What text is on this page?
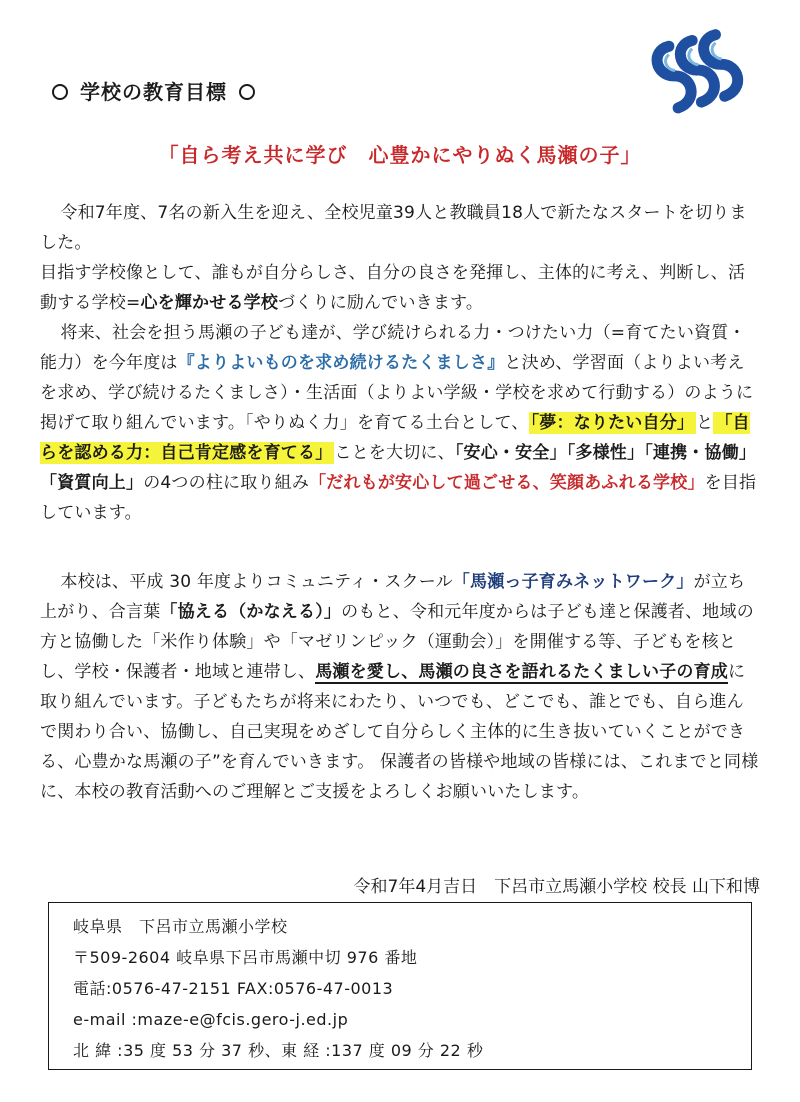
学校の教育目標
「自ら考え共に学び　心豊かにやりぬく馬瀬の子」

令和7年度、7名の新入生を迎え、全校児童39人と教職員18人で新たなスタートを切りました。

目指す学校像として、誰もが自分らしさ、自分の良さを発揮し、主体的に考え、判断し、活動する学校=心を輝かせる学校づくりに励んでいきます。

将来、社会を担う馬瀬の子ども達が、学び続けられる力・つけたい力（=育てたい資質・能力）を今年度は『よりよいものを求め続けるたくましさ』と決め、学習面（よりよい考えを求め、学び続けるたくましさ）・生活面（よりよい学級・学校を求めて行動する）のように掲げて取り組んでいます。「やりぬく力」を育てる土台として、 「夢：なりたい自分」 と 「自らを認める力：自己肯定感を育てる」 ことを大切に、「安心・安全」「多様性」「連携・協働」「資質向上」の4つの柱に取り組み「だれもが安心して過ごせる、笑顔あふれる学校」を目指しています。

本校は、平成 30 年度よりコミュニティ・スクール「馬瀬っ子育みネットワーク」が立ち上がり、合言葉「協える（かなえる）」のもと、令和元年度からは子ども達と保護者、地域の方と協働した「米作り体験」や「マゼリンピック（運動会）」を開催する等、子どもを核とし、学校・保護者・地域と連帯し、馬瀬を愛し、馬瀬の良さを語れるたくましい子の育成に取り組んでいます。子どもたちが将来にわたり、いつでも、どこでも、誰とでも、自ら進んで関わり合い、協働し、自己実現をめざして自分らしく主体的に生き抜いていくことができる、心豊かな馬瀬の子”を育んでいきます。 保護者の皆様や地域の皆様には、これまでと同様に、本校の教育活動へのご理解とご支援をよろしくお願いいたします。

令和7年4月吉日　下呂市立馬瀬小学校 校長 山下和博
岐阜県　下呂市立馬瀬小学校
〒509-2604 岐阜県下呂市馬瀬中切 976 番地
電話:0576-47-2151 FAX:0576-47-0013
e-mail :maze-e@fcis.gero-j.ed.jp
北 緯 :35 度 53 分 37 秒、東 経 :137 度 09 分 22 秒
